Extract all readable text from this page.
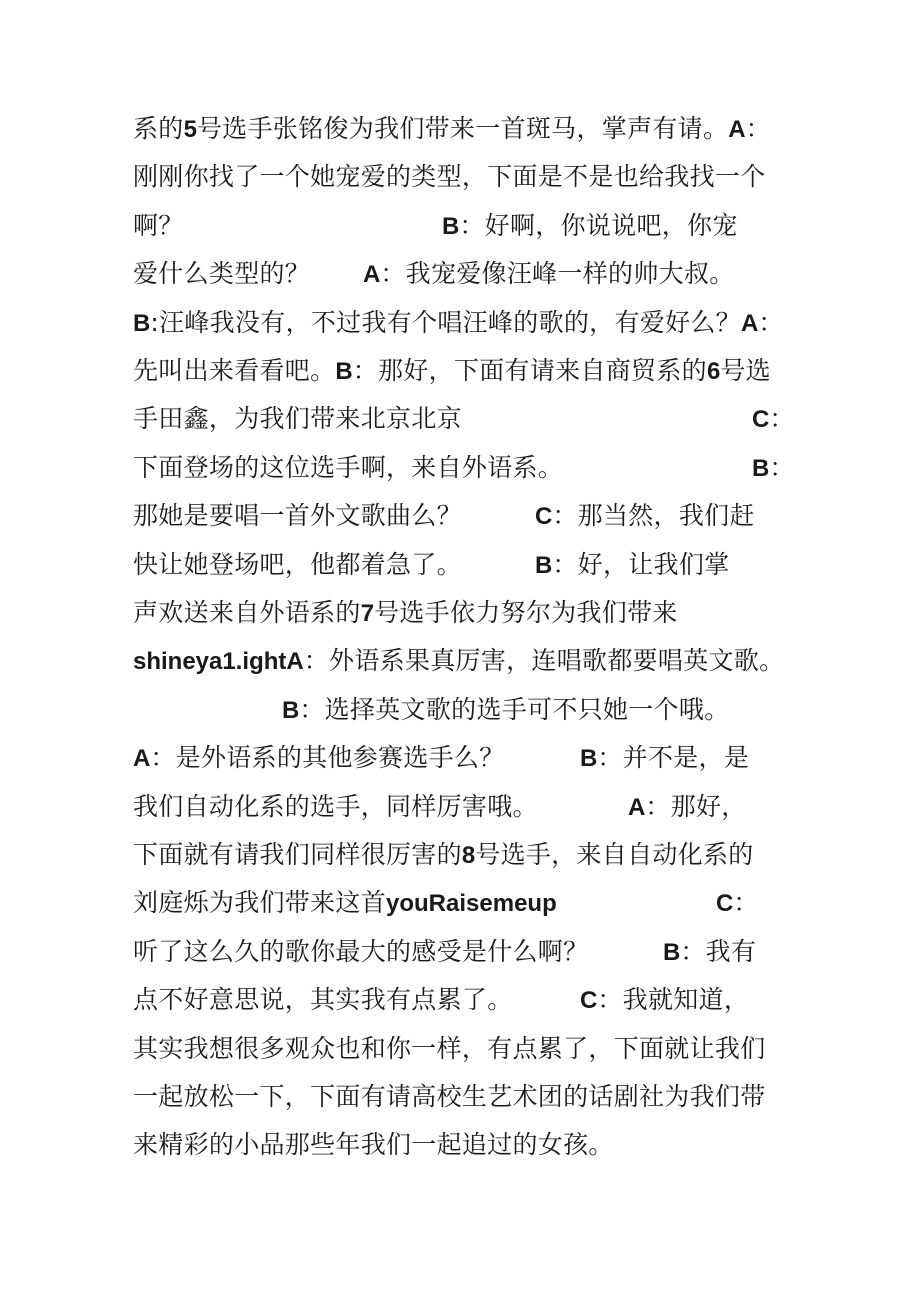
系的5号选手张铭俊为我们带来一首斑马，掌声有请。A：
刚刚你找了一个她宠爱的类型，下面是不是也给我找一个
啊？	B：好啊，你说说吧，你宠
爱什么类型的？ A：我宠爱像汪峰一样的帅大叔。
B:汪峰我没有，不过我有个唱汪峰的歌的，有爱好么？A：
先叫出来看看吧。B：那好，下面有请来自商贸系的6号选
手田鑫，为我们带来北京北京	C：
下面登场的这位选手啊，来自外语系。	B：
那她是要唱一首外文歌曲么？	C：那当然，我们赶
快让她登场吧，他都着急了。	B：好，让我们掌
声欢送来自外语系的7号选手依力努尔为我们带来
shineya1.ightA：外语系果真厉害，连唱歌都要唱英文歌。
B：选择英文歌的选手可不只她一个哦。
A：是外语系的其他参赛选手么？	B：并不是，是
我们自动化系的选手，同样厉害哦。	A：那好，
下面就有请我们同样很厉害的8号选手，来自自动化系的
刘庭烁为我们带来这首youRaisemeup	C：
听了这么久的歌你最大的感受是什么啊？	B：我有
点不好意思说，其实我有点累了。	C：我就知道，
其实我想很多观众也和你一样，有点累了，下面就让我们
一起放松一下，下面有请高校生艺术团的话剧社为我们带
来精彩的小品那些年我们一起追过的女孩。
